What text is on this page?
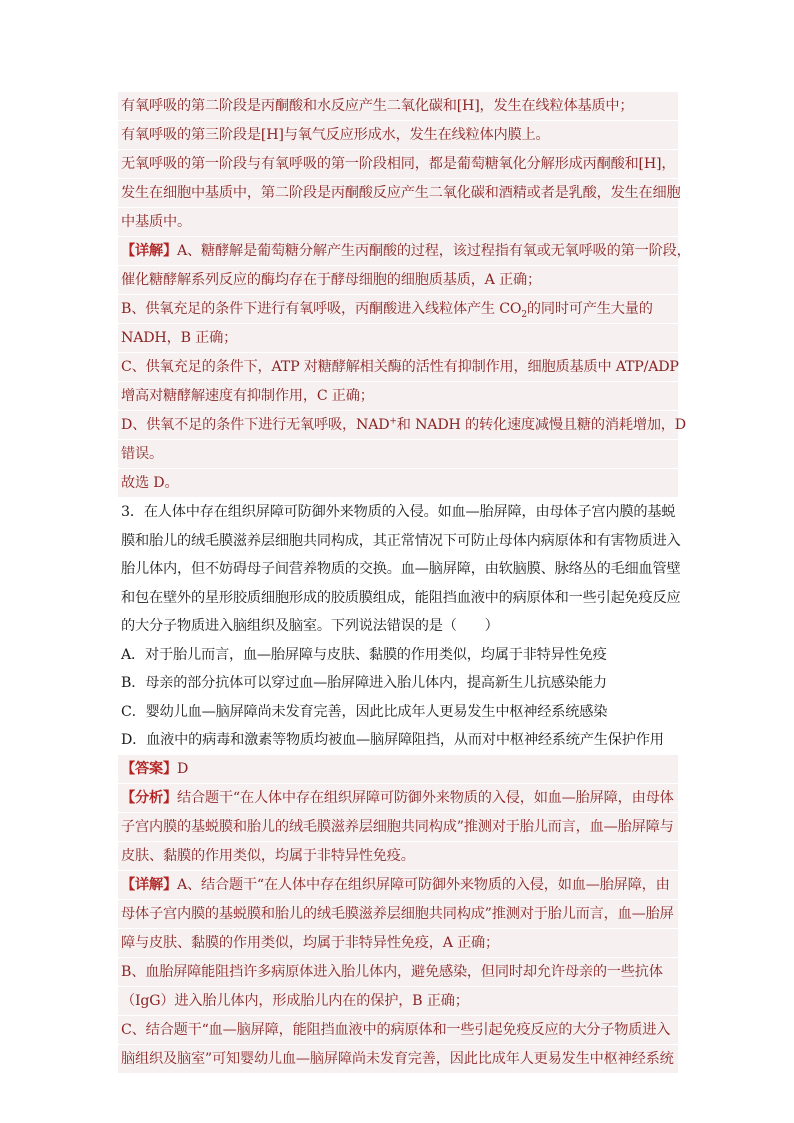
有氧呼吸的第二阶段是丙酮酸和水反应产生二氧化碳和[H]，发生在线粒体基质中；
有氧呼吸的第三阶段是[H]与氧气反应形成水，发生在线粒体内膜上。
无氧呼吸的第一阶段与有氧呼吸的第一阶段相同，都是葡萄糖氧化分解形成丙酮酸和[H]，
发生在细胞中基质中，第二阶段是丙酮酸反应产生二氧化碳和酒精或者是乳酸，发生在细胞
中基质中。
【详解】A、糖酵解是葡萄糖分解产生丙酮酸的过程，该过程指有氧或无氧呼吸的第一阶段，
催化糖酵解系列反应的酶均存在于酵母细胞的细胞质基质，A 正确；
B、供氧充足的条件下进行有氧呼吸，丙酮酸进入线粒体产生 $CO_2$的同时可产生大量的
NADH，B 正确；
C、供氧充足的条件下，ATP 对糖酵解相关酶的活性有抑制作用，细胞质基质中 ATP/ADP
增高对糖酵解速度有抑制作用，C 正确；
D、供氧不足的条件下进行无氧呼吸，NAD+和 NADH 的转化速度减慢且糖的消耗增加，D
错误。
故选 D。
3．在人体中存在组织屏障可防御外来物质的入侵。如血—胎屏障，由母体子宫内膜的基蜕
膜和胎儿的绒毛膜滋养层细胞共同构成，其正常情况下可防止母体内病原体和有害物质进入
胎儿体内，但不妨碍母子间营养物质的交换。血—脑屏障，由软脑膜、脉络丛的毛细血管壁
和包在壁外的星形胶质细胞形成的胶质膜组成，能阻挡血液中的病原体和一些引起免疫反应
的大分子物质进入脑组织及脑室。下列说法错误的是（　　）
A．对于胎儿而言，血—胎屏障与皮肤、黏膜的作用类似，均属于非特异性免疫
B．母亲的部分抗体可以穿过血—胎屏障进入胎儿体内，提高新生儿抗感染能力
C．婴幼儿血—脑屏障尚未发育完善，因此比成年人更易发生中枢神经系统感染
D．血液中的病毒和激素等物质均被血—脑屏障阻挡，从而对中枢神经系统产生保护作用
【答案】D
【分析】结合题干“在人体中存在组织屏障可防御外来物质的入侵，如血—胎屏障，由母体
子宫内膜的基蜕膜和胎儿的绒毛膜滋养层细胞共同构成”推测对于胎儿而言，血—胎屏障与
皮肤、黏膜的作用类似，均属于非特异性免疫。
【详解】A、结合题干“在人体中存在组织屏障可防御外来物质的入侵，如血—胎屏障，由
母体子宫内膜的基蜕膜和胎儿的绒毛膜滋养层细胞共同构成”推测对于胎儿而言，血—胎屏
障与皮肤、黏膜的作用类似，均属于非特异性免疫，A 正确；
B、血胎屏障能阻挡许多病原体进入胎儿体内，避免感染，但同时却允许母亲的一些抗体
（IgG）进入胎儿体内，形成胎儿内在的保护，B 正确；
C、结合题干“血—脑屏障，能阻挡血液中的病原体和一些引起免疫反应的大分子物质进入
脑组织及脑室”可知婴幼儿血—脑屏障尚未发育完善，因此比成年人更易发生中枢神经系统
